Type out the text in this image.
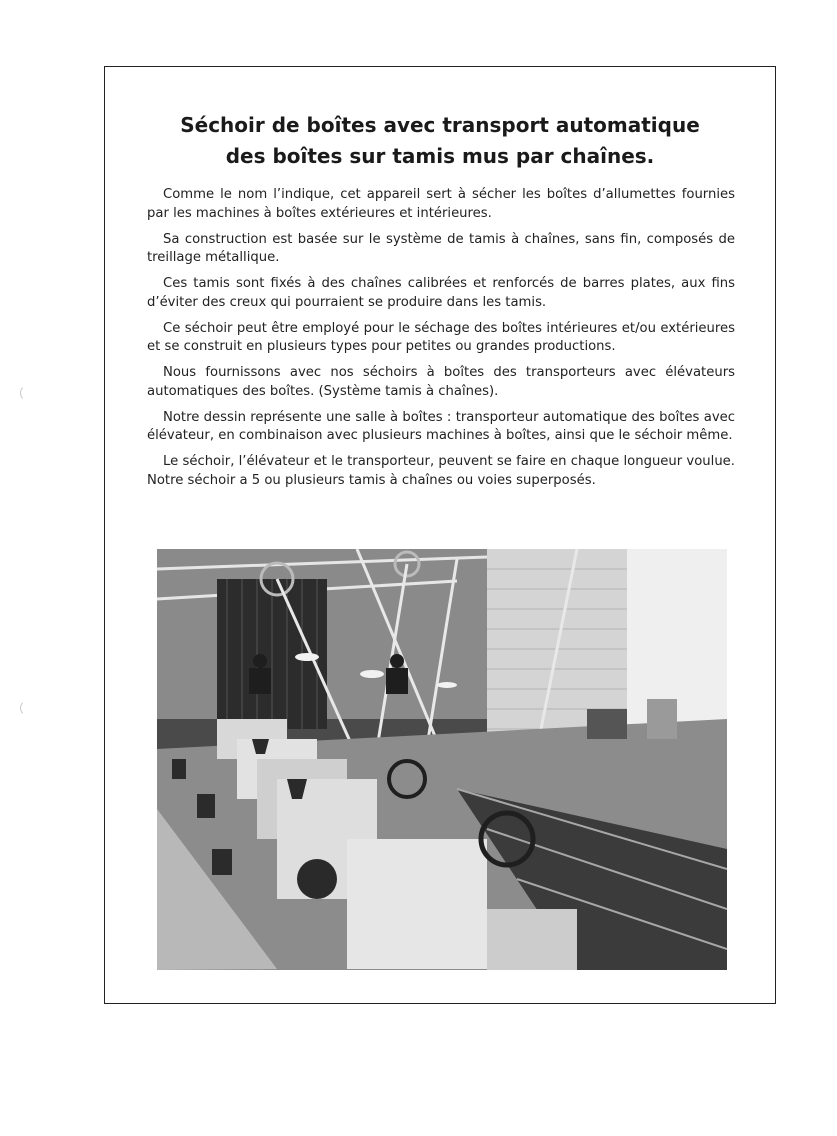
Séchoir de boîtes avec transport automatique
des boîtes sur tamis mus par chaînes.

Comme le nom l’indique, cet appareil sert à sécher les boîtes d’allumettes fournies par les machines à boîtes extérieures et intérieures.

Sa construction est basée sur le système de tamis à chaînes, sans fin, composés de treillage métallique.

Ces tamis sont fixés à des chaînes calibrées et renforcés de barres plates, aux fins d’éviter des creux qui pourraient se produire dans les tamis.

Ce séchoir peut être employé pour le séchage des boîtes intérieures et/ou extérieures et se construit en plusieurs types pour petites ou grandes productions.

Nous fournissons avec nos séchoirs à boîtes des transporteurs avec élévateurs automatiques des boîtes. (Système tamis à chaînes).

Notre dessin représente une salle à boîtes : transporteur automatique des boîtes avec élévateur, en combinaison avec plusieurs machines à boîtes, ainsi que le séchoir même.

Le séchoir, l’élévateur et le transporteur, peuvent se faire en chaque longueur voulue. Notre séchoir a 5 ou plusieurs tamis à chaînes ou voies superposés.
